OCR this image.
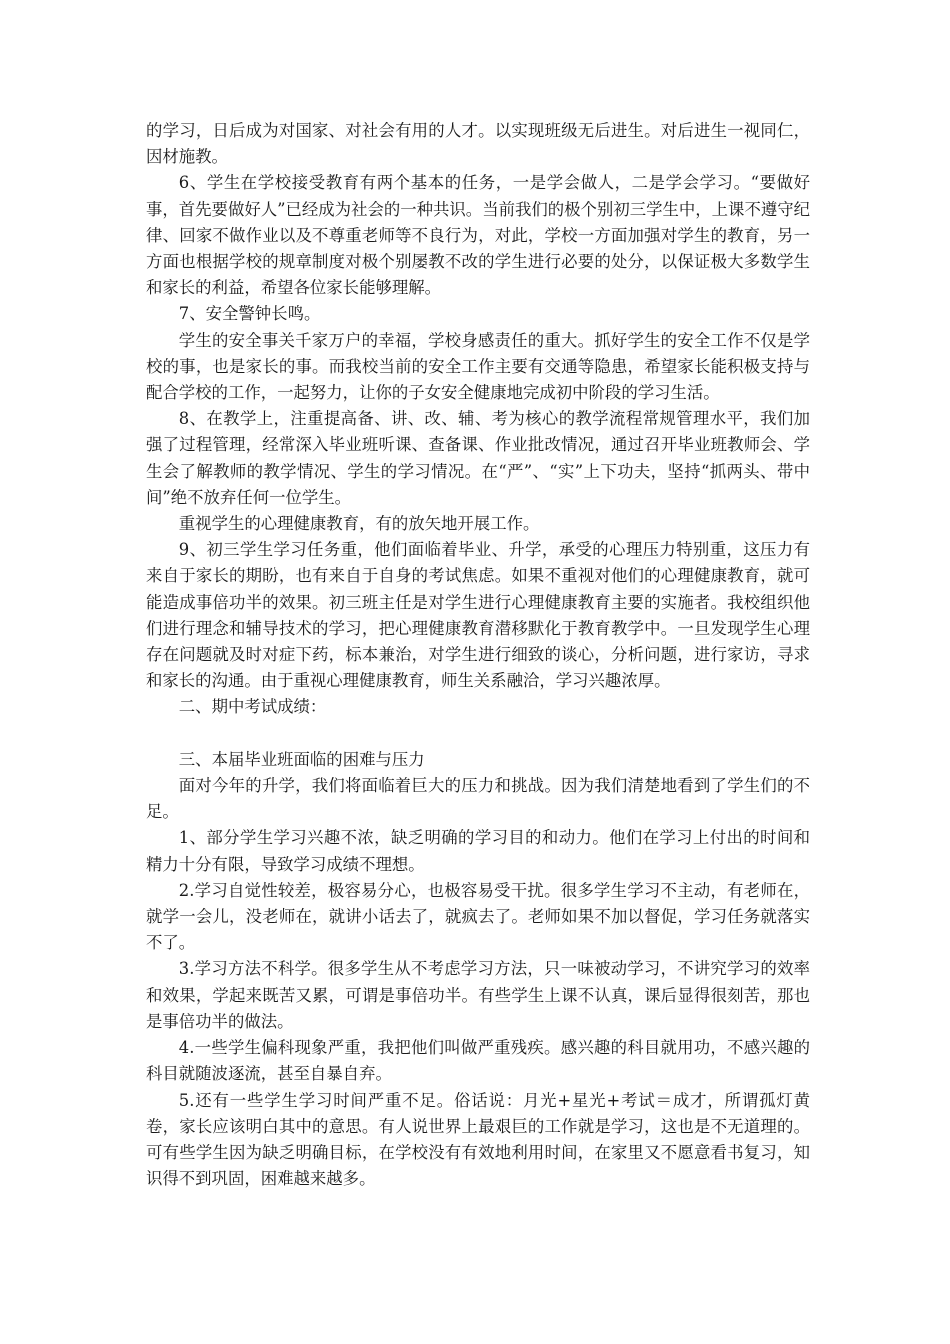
的学习，日后成为对国家、对社会有用的人才。以实现班级无后进生。对后进生一视同仁，因材施教。

6、学生在学校接受教育有两个基本的任务，一是学会做人，二是学会学习。“要做好事，首先要做好人”已经成为社会的一种共识。当前我们的极个别初三学生中，上课不遵守纪律、回家不做作业以及不尊重老师等不良行为，对此，学校一方面加强对学生的教育，另一方面也根据学校的规章制度对极个别屡教不改的学生进行必要的处分，以保证极大多数学生和家长的利益，希望各位家长能够理解。

7、安全警钟长鸣。

学生的安全事关千家万户的幸福，学校身感责任的重大。抓好学生的安全工作不仅是学校的事，也是家长的事。而我校当前的安全工作主要有交通等隐患，希望家长能积极支持与配合学校的工作，一起努力，让你的子女安全健康地完成初中阶段的学习生活。

8、在教学上，注重提高备、讲、改、辅、考为核心的教学流程常规管理水平，我们加强了过程管理，经常深入毕业班听课、查备课、作业批改情况，通过召开毕业班教师会、学生会了解教师的教学情况、学生的学习情况。在“严”、“实”上下功夫，坚持“抓两头、带中间”绝不放弃任何一位学生。

重视学生的心理健康教育，有的放矢地开展工作。

9、初三学生学习任务重，他们面临着毕业、升学，承受的心理压力特别重，这压力有来自于家长的期盼，也有来自于自身的考试焦虑。如果不重视对他们的心理健康教育，就可能造成事倍功半的效果。初三班主任是对学生进行心理健康教育主要的实施者。我校组织他们进行理念和辅导技术的学习，把心理健康教育潜移默化于教育教学中。一旦发现学生心理存在问题就及时对症下药，标本兼治，对学生进行细致的谈心，分析问题，进行家访，寻求和家长的沟通。由于重视心理健康教育，师生关系融洽，学习兴趣浓厚。

二、期中考试成绩：

三、本届毕业班面临的困难与压力

面对今年的升学，我们将面临着巨大的压力和挑战。因为我们清楚地看到了学生们的不足。

1、部分学生学习兴趣不浓，缺乏明确的学习目的和动力。他们在学习上付出的时间和精力十分有限，导致学习成绩不理想。

2.学习自觉性较差，极容易分心，也极容易受干扰。很多学生学习不主动，有老师在，就学一会儿，没老师在，就讲小话去了，就疯去了。老师如果不加以督促，学习任务就落实不了。

3.学习方法不科学。很多学生从不考虑学习方法，只一味被动学习，不讲究学习的效率和效果，学起来既苦又累，可谓是事倍功半。有些学生上课不认真，课后显得很刻苦，那也是事倍功半的做法。

4.一些学生偏科现象严重，我把他们叫做严重残疾。感兴趣的科目就用功，不感兴趣的科目就随波逐流，甚至自暴自弃。

5.还有一些学生学习时间严重不足。俗话说：月光+星光+考试＝成才，所谓孤灯黄卷，家长应该明白其中的意思。有人说世界上最艰巨的工作就是学习，这也是不无道理的。可有些学生因为缺乏明确目标，在学校没有有效地利用时间，在家里又不愿意看书复习，知识得不到巩固，困难越来越多。
